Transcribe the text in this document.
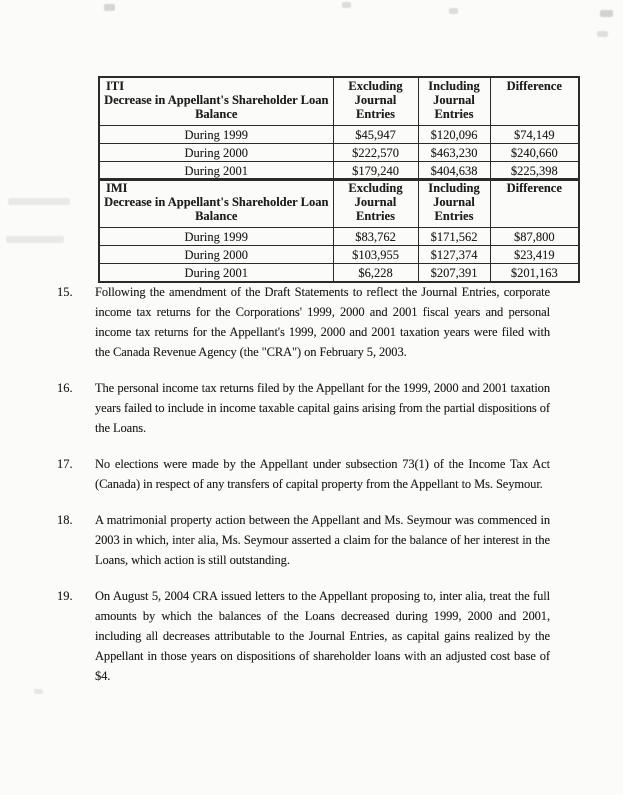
ITI
Decrease in Appellant's Shareholder Loan Balance	Excluding Journal Entries	Including Journal Entries	Difference
During 1999	$45,947	$120,096	$74,149
During 2000	$222,570	$463,230	$240,660
During 2001	$179,240	$404,638	$225,398
IMI
Decrease in Appellant's Shareholder Loan Balance	Excluding Journal Entries	Including Journal Entries	Difference
During 1999	$83,762	$171,562	$87,800
During 2000	$103,955	$127,374	$23,419
During 2001	$6,228	$207,391	$201,163
15.	Following the amendment of the Draft Statements to reflect the Journal Entries, corporate income tax returns for the Corporations' 1999, 2000 and 2001 fiscal years and personal income tax returns for the Appellant's 1999, 2000 and 2001 taxation years were filed with the Canada Revenue Agency (the "CRA") on February 5, 2003.
16.	The personal income tax returns filed by the Appellant for the 1999, 2000 and 2001 taxation years failed to include in income taxable capital gains arising from the partial dispositions of the Loans.
17.	No elections were made by the Appellant under subsection 73(1) of the Income Tax Act (Canada) in respect of any transfers of capital property from the Appellant to Ms. Seymour.
18.	A matrimonial property action between the Appellant and Ms. Seymour was commenced in 2003 in which, inter alia, Ms. Seymour asserted a claim for the balance of her interest in the Loans, which action is still outstanding.
19.	On August 5, 2004 CRA issued letters to the Appellant proposing to, inter alia, treat the full amounts by which the balances of the Loans decreased during 1999, 2000 and 2001, including all decreases attributable to the Journal Entries, as capital gains realized by the Appellant in those years on dispositions of shareholder loans with an adjusted cost base of $4.
